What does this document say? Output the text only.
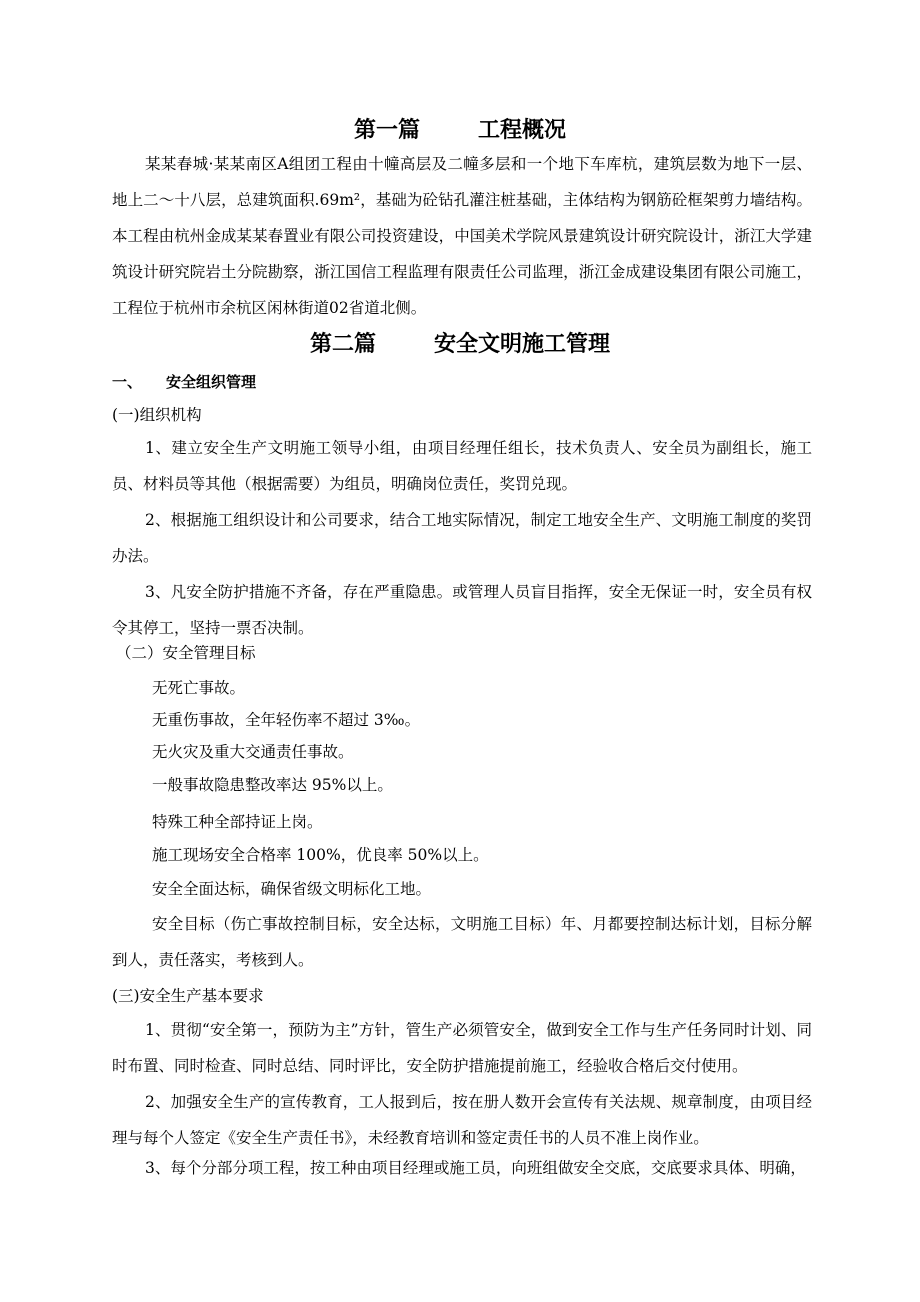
第一篇	工程概况

某某春城·某某南区A组团工程由十幢高层及二幢多层和一个地下车库杭，建筑层数为地下一层、地上二～十八层，总建筑面积.69m²，基础为砼钻孔灌注桩基础，主体结构为钢筋砼框架剪力墙结构。本工程由杭州金成某某春置业有限公司投资建设，中国美术学院风景建筑设计研究院设计，浙江大学建筑设计研究院岩土分院勘察，浙江国信工程监理有限责任公司监理，浙江金成建设集团有限公司施工，工程位于杭州市余杭区闲林街道02省道北侧。

第二篇	安全文明施工管理
一、 安全组织管理
(一)组织机构

1、建立安全生产文明施工领导小组，由项目经理任组长，技术负责人、安全员为副组长，施工员、材料员等其他（根据需要）为组员，明确岗位责任，奖罚兑现。

2、根据施工组织设计和公司要求，结合工地实际情况，制定工地安全生产、文明施工制度的奖罚办法。

3、凡安全防护措施不齐备，存在严重隐患。或管理人员盲目指挥，安全无保证一时，安全员有权令其停工，坚持一票否决制。

（二）安全管理目标
无死亡事故。
无重伤事故，全年轻伤率不超过 3‰。
无火灾及重大交通责任事故。
一般事故隐患整改率达 95%以上。
特殊工种全部持证上岗。
施工现场安全合格率 100%，优良率 50%以上。
安全全面达标，确保省级文明标化工地。

安全目标（伤亡事故控制目标，安全达标，文明施工目标）年、月都要控制达标计划，目标分解到人，责任落实，考核到人。

(三)安全生产基本要求

1、贯彻“安全第一，预防为主”方针，管生产必须管安全，做到安全工作与生产任务同时计划、同时布置、同时检查、同时总结、同时评比，安全防护措施提前施工，经验收合格后交付使用。

2、加强安全生产的宣传教育，工人报到后，按在册人数开会宣传有关法规、规章制度，由项目经理与每个人签定《安全生产责任书》，未经教育培训和签定责任书的人员不准上岗作业。

3、每个分部分项工程，按工种由项目经理或施工员，向班组做安全交底，交底要求具体、明确，
